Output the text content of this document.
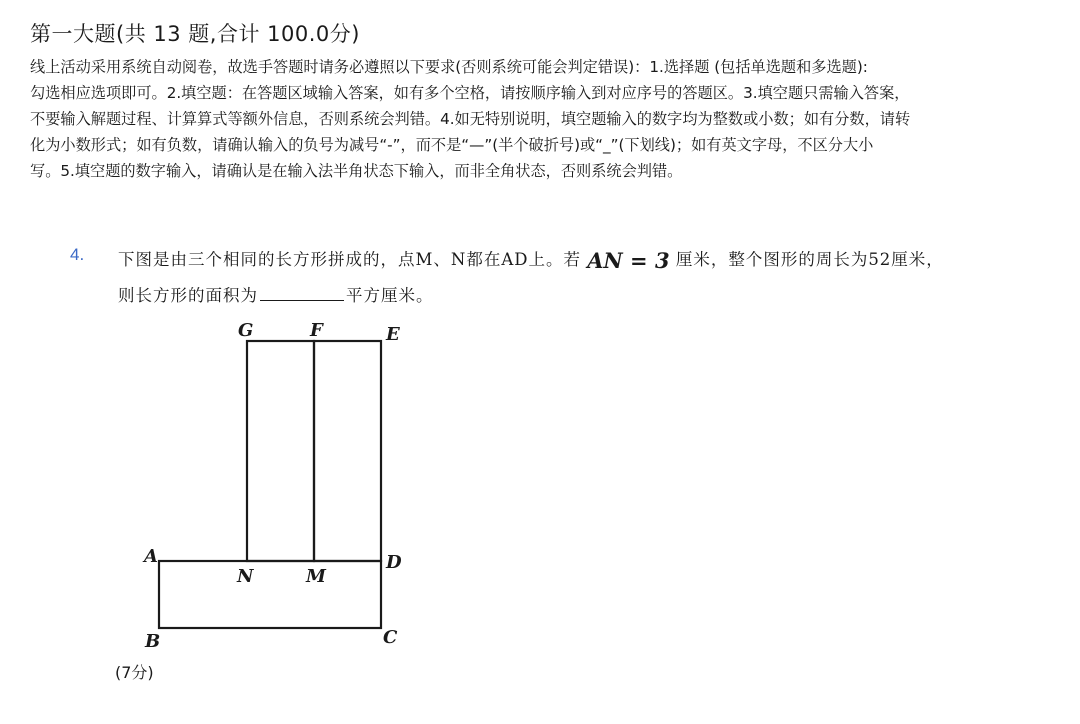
第一大题(共 13 题,合计 100.0分)
线上活动采用系统自动阅卷，故选手答题时请务必遵照以下要求(否则系统可能会判定错误)：1.选择题 (包括单选题和多选题):
勾选相应选项即可。2.填空题：在答题区域输入答案，如有多个空格，请按顺序输入到对应序号的答题区。3.填空题只需输入答案，
不要输入解题过程、计算算式等额外信息，否则系统会判错。4.如无特别说明，填空题输入的数字均为整数或小数；如有分数，请转
化为小数形式；如有负数，请确认输入的负号为减号“-”，而不是“—”(半个破折号)或“_”(下划线)；如有英文字母，不区分大小
写。5.填空题的数字输入，请确认是在输入法半角状态下输入，而非全角状态，否则系统会判错。
4. 下图是由三个相同的长方形拼成的，点M、N都在AD上。若 AN = 3 厘米，整个图形的周长为52厘米，
则长方形的面积为	平方厘米。
G	F	E
A
N	M
D
B	C
(7分)
